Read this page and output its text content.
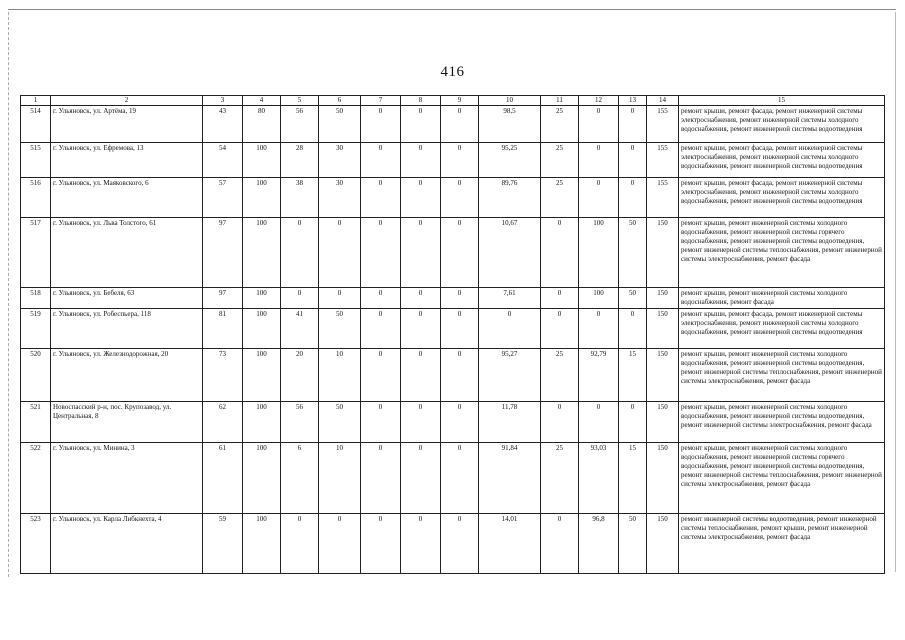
416
1	2	3	4	5	6	7	8	9	10	11	12	13	14	15
514	г. Ульяновск, ул. Артёма, 19	43	80	56	50	0	0	0	98,5	25	0	0	155	ремонт крыши, ремонт фасада, ремонт инженерной системы электроснабжения, ремонт инженерной системы холодного водоснабжения, ремонт инженерной системы водоотведения
515	г. Ульяновск, ул. Ефремова, 13	54	100	28	30	0	0	0	95,25	25	0	0	155	ремонт крыши, ремонт фасада, ремонт инженерной системы электроснабжения, ремонт инженерной системы холодного водоснабжения, ремонт инженерной системы водоотведения
516	г. Ульяновск, ул. Маяковского, 6	57	100	38	30	0	0	0	89,76	25	0	0	155	ремонт крыши, ремонт фасада, ремонт инженерной системы электроснабжения, ремонт инженерной системы холодного водоснабжения, ремонт инженерной системы водоотведения
517	г. Ульяновск, ул. Льва Толстого, 61	97	100	0	0	0	0	0	10,67	0	100	50	150	ремонт крыши, ремонт инженерной системы холодного водоснабжения, ремонт инженерной системы горячего водоснабжения, ремонт инженерной системы водоотведения, ремонт инженерной системы теплоснабжения, ремонт инженерной системы электроснабжения, ремонт фасада
518	г. Ульяновск, ул. Бебеля, 63	97	100	0	0	0	0	0	7,61	0	100	50	150	ремонт крыши, ремонт инженерной системы холодного водоснабжения, ремонт фасада
519	г. Ульяновск, ул. Робеспьера, 118	81	100	41	50	0	0	0	0	0	0	0	150	ремонт крыши, ремонт фасада, ремонт инженерной системы электроснабжения, ремонт инженерной системы холодного водоснабжения, ремонт инженерной системы водоотведения
520	г. Ульяновск, ул. Железнодорожная, 20	73	100	20	10	0	0	0	95,27	25	92,79	15	150	ремонт крыши, ремонт инженерной системы холодного водоснабжения, ремонт инженерной системы водоотведения, ремонт инженерной системы теплоснабжения, ремонт инженерной системы электроснабжения, ремонт фасада
521	Новоспасский р-н, пос. Крупозавод, ул. Центральная, 8	62	100	56	50	0	0	0	11,78	0	0	0	150	ремонт крыши, ремонт инженерной системы холодного водоснабжения, ремонт инженерной системы водоотведения, ремонт инженерной системы электроснабжения, ремонт фасада
522	г. Ульяновск, ул. Минина, 3	61	100	6	10	0	0	0	91,84	25	93,03	15	150	ремонт крыши, ремонт инженерной системы холодного водоснабжения, ремонт инженерной системы горячего водоснабжения, ремонт инженерной системы водоотведения, ремонт инженерной системы теплоснабжения, ремонт инженерной системы электроснабжения, ремонт фасада
523	г. Ульяновск, ул. Карла Либкнехта, 4	59	100	0	0	0	0	0	14,01	0	96,8	50	150	ремонт инженерной системы водоотведения, ремонт инженерной системы теплоснабжения, ремонт крыши, ремонт инженерной системы электроснабжения, ремонт фасада
